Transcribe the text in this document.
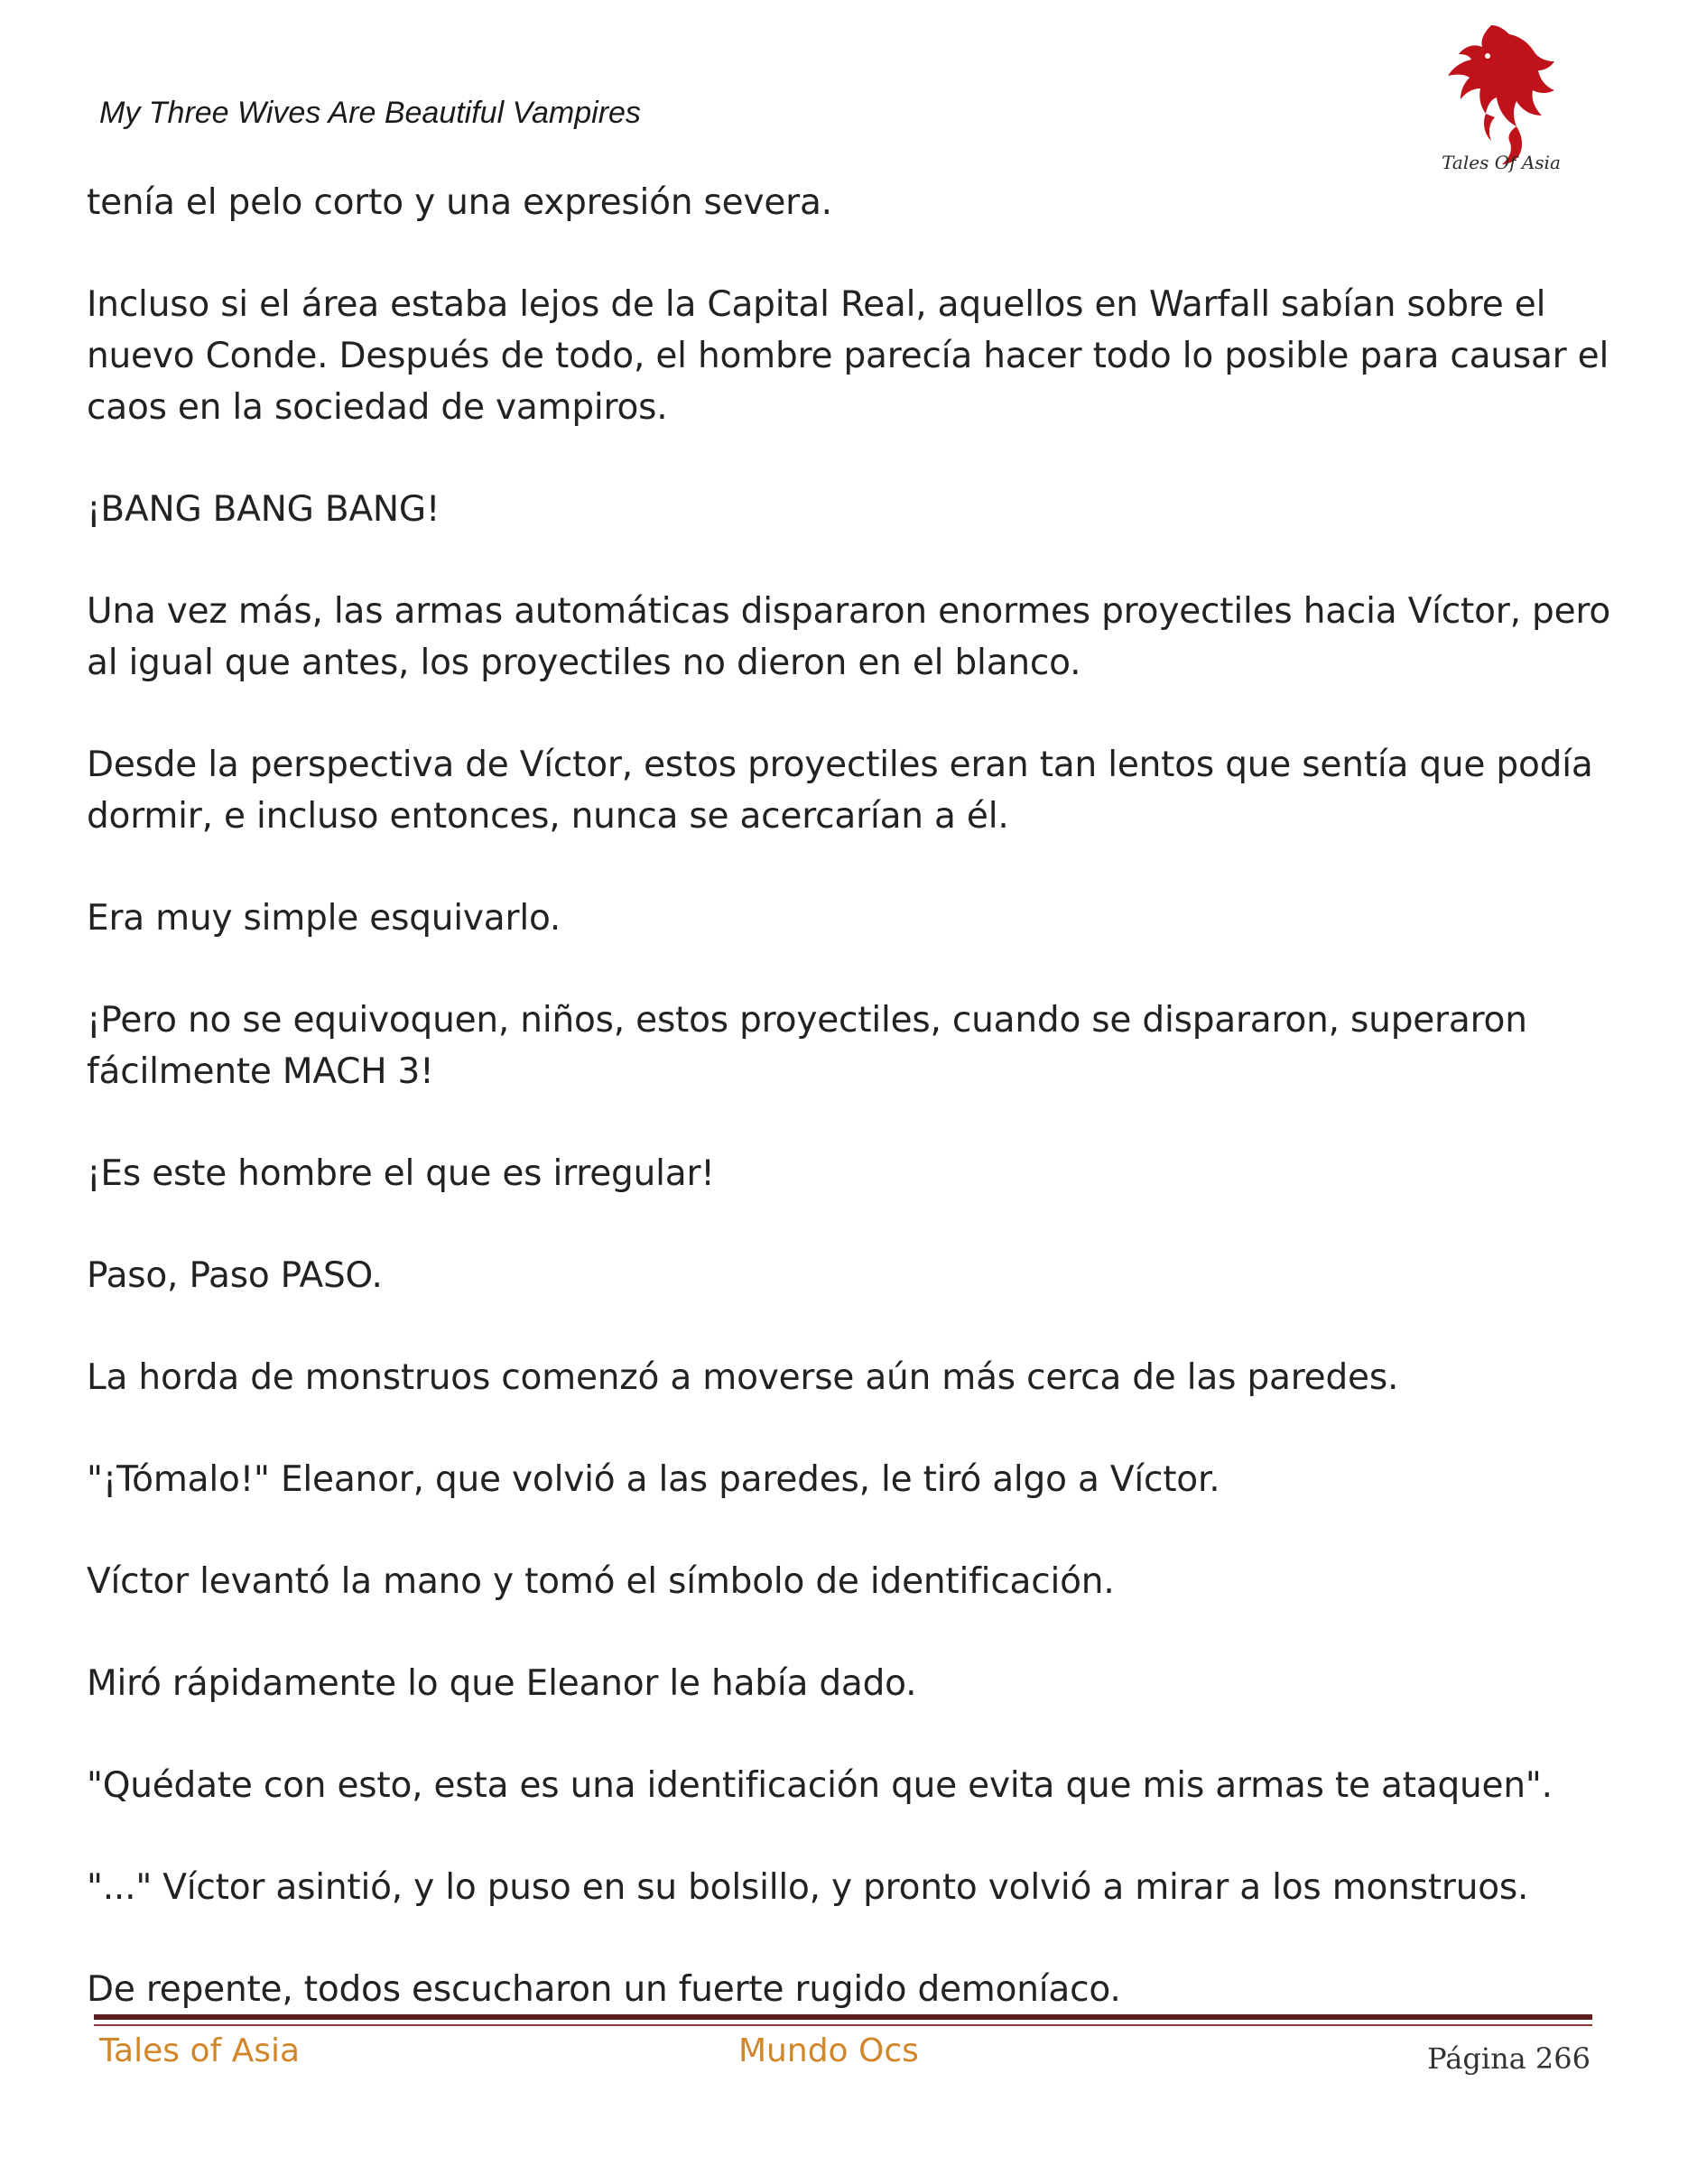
My Three Wives Are Beautiful Vampires
Tales Of Asia

tenía el pelo corto y una expresión severa.

Incluso si el área estaba lejos de la Capital Real, aquellos en Warfall sabían sobre el nuevo Conde. Después de todo, el hombre parecía hacer todo lo posible para causar el caos en la sociedad de vampiros.

¡BANG BANG BANG!

Una vez más, las armas automáticas dispararon enormes proyectiles hacia Víctor, pero al igual que antes, los proyectiles no dieron en el blanco.

Desde la perspectiva de Víctor, estos proyectiles eran tan lentos que sentía que podía dormir, e incluso entonces, nunca se acercarían a él.

Era muy simple esquivarlo.

¡Pero no se equivoquen, niños, estos proyectiles, cuando se dispararon, superaron fácilmente MACH 3!

¡Es este hombre el que es irregular!

Paso, Paso PASO.

La horda de monstruos comenzó a moverse aún más cerca de las paredes.

"¡Tómalo!" Eleanor, que volvió a las paredes, le tiró algo a Víctor.

Víctor levantó la mano y tomó el símbolo de identificación.

Miró rápidamente lo que Eleanor le había dado.

"Quédate con esto, esta es una identificación que evita que mis armas te ataquen".

"..." Víctor asintió, y lo puso en su bolsillo, y pronto volvió a mirar a los monstruos.

De repente, todos escucharon un fuerte rugido demoníaco.

Tales of Asia	Mundo Ocs	Página 266
